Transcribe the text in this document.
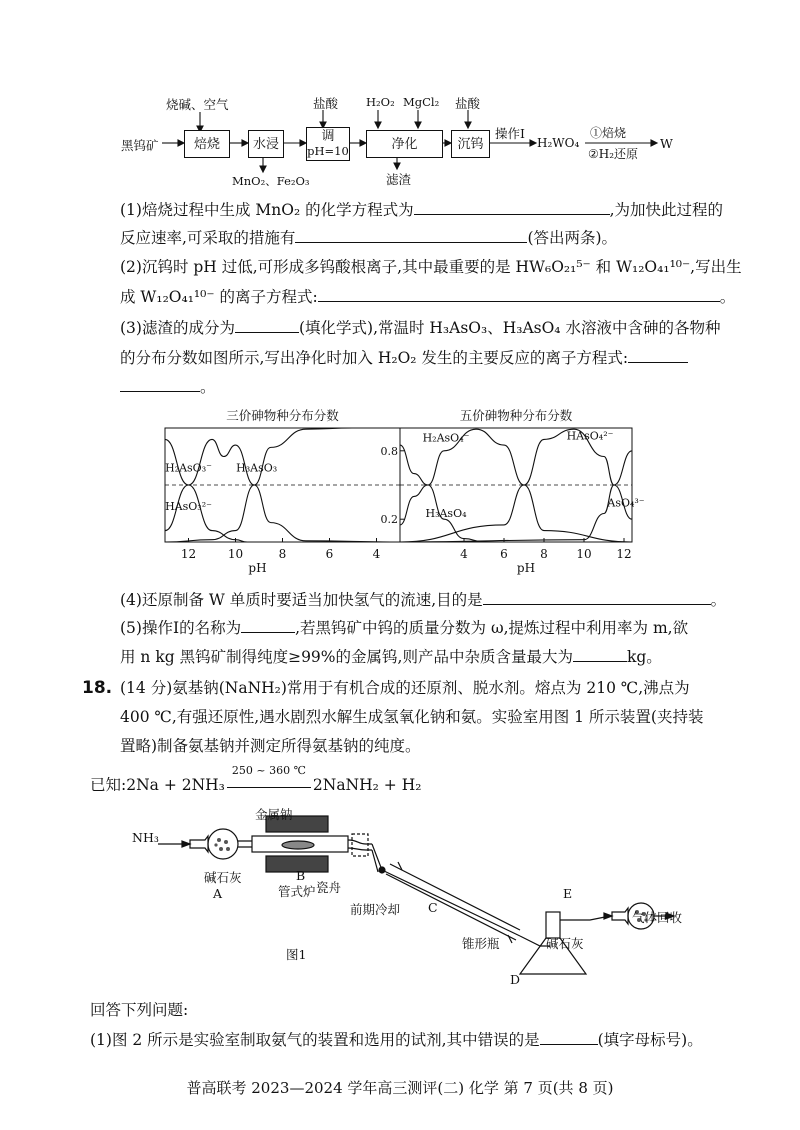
黑钨矿
烧碱、空气
焙烧	水浸
MnO₂、Fe₂O₃
盐酸
调
pH=10
H₂O₂ MgCl₂
净化
滤渣
盐酸
沉钨
操作I
H₂WO₄
①焙烧
②H₂还原
W
(1)焙烧过程中生成 MnO₂ 的化学方程式为	,为加快此过程的
反应速率,可采取的措施有	(答出两条)。
(2)沉钨时 pH 过低,可形成多钨酸根离子,其中最重要的是 HW₆O₂₁⁵⁻ 和 W₁₂O₄₁¹⁰⁻,写出生
成 W₁₂O₄₁¹⁰⁻ 的离子方程式:	。
(3)滤渣的成分为	(填化学式),常温时 H₃AsO₃、H₃AsO₄ 水溶液中含砷的各物种
的分布分数如图所示,写出净化时加入 H₂O₂ 发生的主要反应的离子方程式:
。
三价砷物种分布分数
H₂AsO₃⁻ H₃AsO₃
HAsO₃²⁻
12	10	8	6	4
pH
五价砷物种分布分数
H₂AsO₄⁻	HAsO₄²⁻
H₃AsO₄
AsO₄³⁻
4	6	8 10 12
pH
0.8
0.2
(4)还原制备 W 单质时要适当加快氢气的流速,目的是	。
(5)操作Ⅰ的名称为	,若黑钨矿中钨的质量分数为 ω,提炼过程中利用率为 m,欲
用 n kg 黑钨矿制得纯度≥99%的金属钨,则产品中杂质含量最大为	kg。
18. (14 分)氨基钠(NaNH₂)常用于有机合成的还原剂、脱水剂。熔点为 210 ℃,沸点为
400 ℃,有强还原性,遇水剧烈水解生成氢氧化钠和氨。实验室用图 1 所示装置(夹持装
置略)制备氨基钠并测定所得氨基钠的纯度。
已知:2Na + 2NH₃
250 ~ 360 ℃
2NaNH₂ + H₂
NH₃
金属钠
碱石灰
A
B
管式炉 瓷舟
前期冷却 C
E
气体回收
锥形瓶	碱石灰
D
图1
回答下列问题:
(1)图 2 所示是实验室制取氨气的装置和选用的试剂,其中错误的是	(填字母标号)。
普高联考 2023—2024 学年高三测评(二) 化学 第 7 页(共 8 页)
